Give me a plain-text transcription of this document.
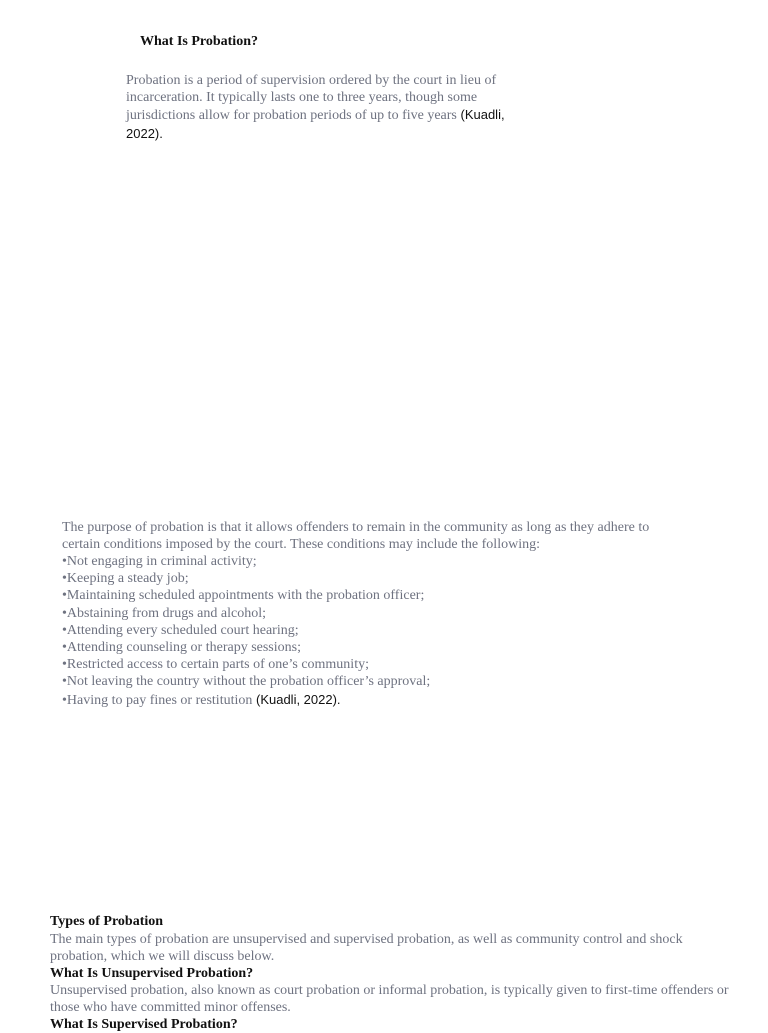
What Is Probation?
Probation is a period of supervision ordered by the court in lieu of incarceration. It typically lasts one to three years, though some jurisdictions allow for probation periods of up to five years (Kuadli, 2022).
The purpose of probation is that it allows offenders to remain in the community as long as they adhere to certain conditions imposed by the court. These conditions may include the following:
•Not engaging in criminal activity;
•Keeping a steady job;
•Maintaining scheduled appointments with the probation officer;
•Abstaining from drugs and alcohol;
•Attending every scheduled court hearing;
•Attending counseling or therapy sessions;
•Restricted access to certain parts of one’s community;
•Not leaving the country without the probation officer’s approval;
•Having to pay fines or restitution (Kuadli, 2022).
Types of Probation
The main types of probation are unsupervised and supervised probation, as well as community control and shock probation, which we will discuss below.
What Is Unsupervised Probation?
Unsupervised probation, also known as court probation or informal probation, is typically given to first-time offenders or those who have committed minor offenses.
What Is Supervised Probation?
